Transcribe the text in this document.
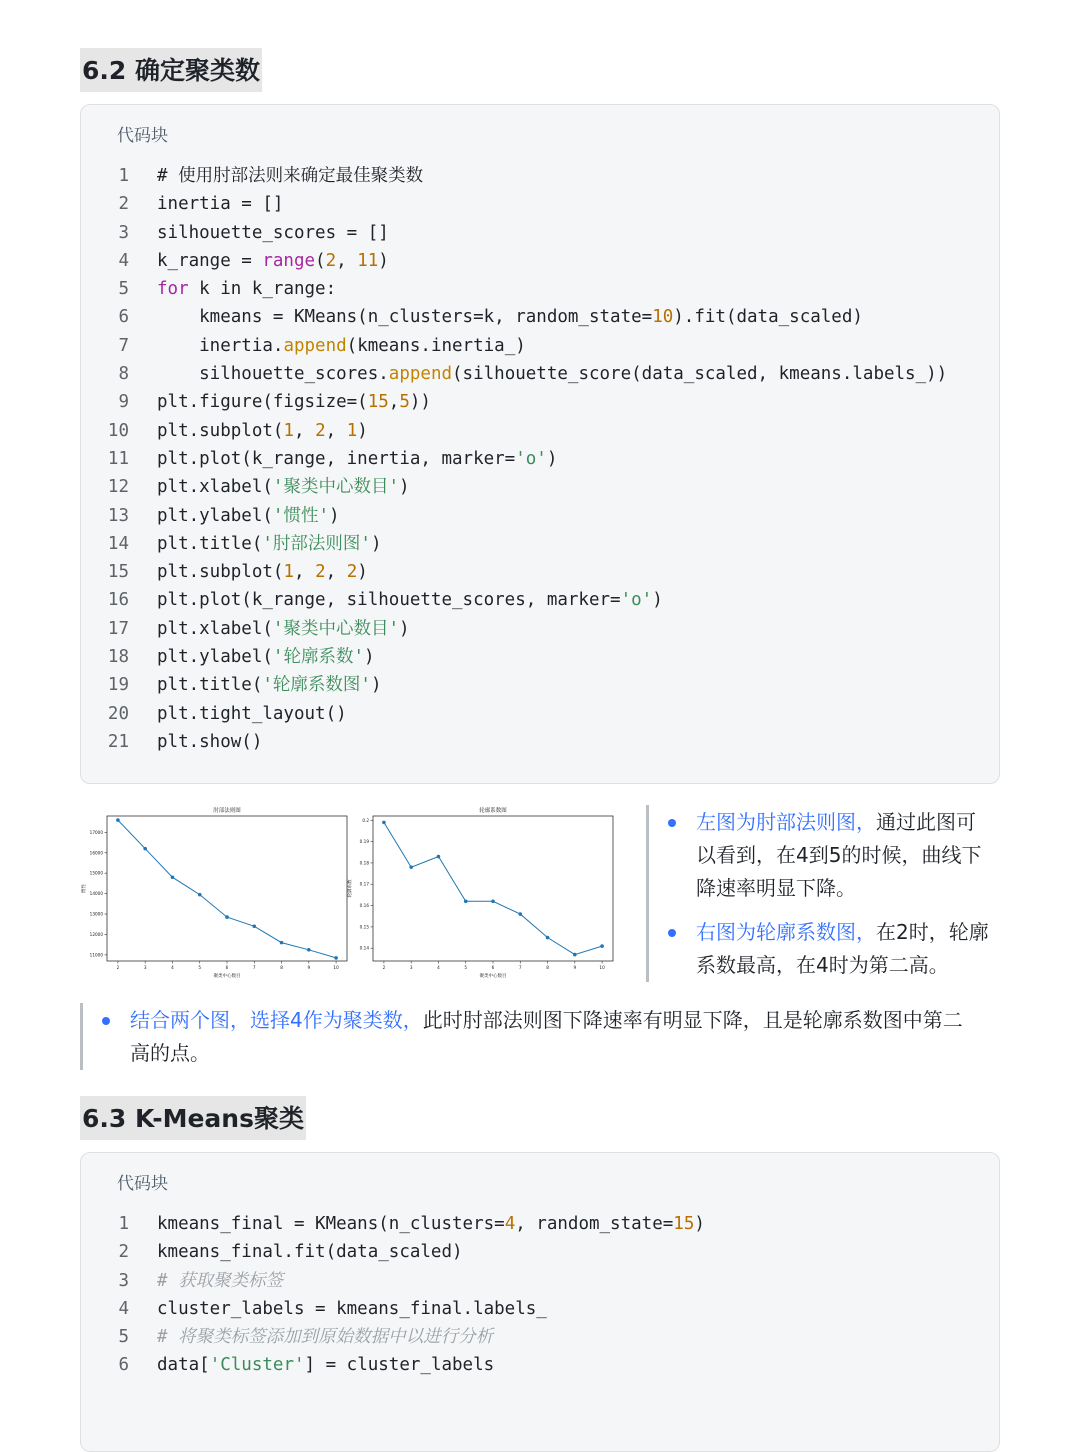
6.2 确定聚类数
代码块
1 # 使用肘部法则来确定最佳聚类数
2 inertia = []
3 silhouette_scores = []
4 k_range = range(2, 11)
5 for k in k_range:
6    kmeans = KMeans(n_clusters=k, random_state=10).fit(data_scaled)
7    inertia.append(kmeans.inertia_)
8    silhouette_scores.append(silhouette_score(data_scaled, kmeans.labels_))
9 plt.figure(figsize=(15,5))
10 plt.subplot(1, 2, 1)
11 plt.plot(k_range, inertia, marker='o')
12 plt.xlabel('聚类中心数目')
13 plt.ylabel('惯性')
14 plt.title('肘部法则图')
15 plt.subplot(1, 2, 2)
16 plt.plot(k_range, silhouette_scores, marker='o')
17 plt.xlabel('聚类中心数目')
18 plt.ylabel('轮廓系数')
19 plt.title('轮廓系数图')
20 plt.tight_layout()
21 plt.show()
肘部法则图
聚类中心数目
惯性
2	3	4	5	6	7	8	9	10
11000
12000
13000
14000
15000
16000
17000
轮廓系数图
聚类中心数目
轮廓系数
2	3	4	5	6	7	8	9	10
0.14
0.15
0.16
0.17
0.18
0.19
0.2	左图为肘部法则图，通过此图可
以看到，在4到5的时候，曲线下
降速率明显下降。
右图为轮廓系数图，在2时，轮廓
系数最高，在4时为第二高。
结合两个图，选择4作为聚类数，此时肘部法则图下降速率有明显下降，且是轮廓系数图中第二
高的点。
6.3 K-Means聚类
代码块
1 kmeans_final = KMeans(n_clusters=4, random_state=15)
2 kmeans_final.fit(data_scaled)
3 # 获取聚类标签
4 cluster_labels = kmeans_final.labels_
5 # 将聚类标签添加到原始数据中以进行分析
6 data['Cluster'] = cluster_labels
